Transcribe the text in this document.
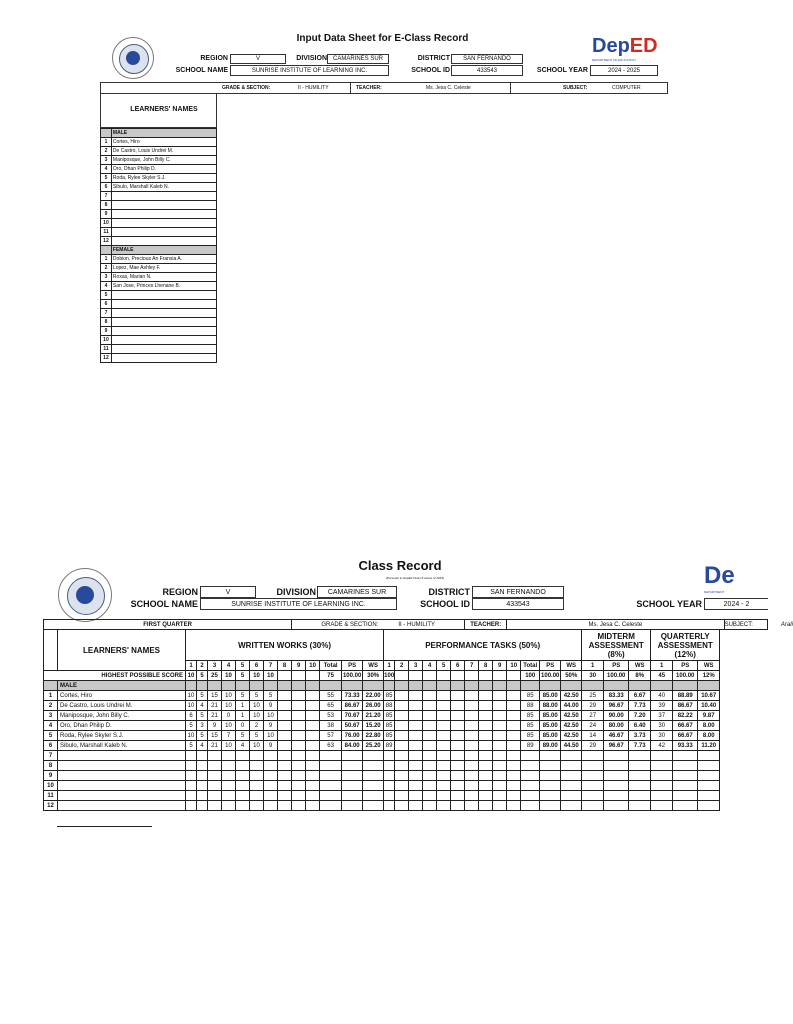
Input Data Sheet for E-Class Record	DepED
DEPARTMENT OF EDUCATION
REGION	V	DIVISION CAMARINES SUR	DISTRICT	SAN FERNANDO
SCHOOL NAME	SUNRISE INSTITUTE OF LEARNING INC.	SCHOOL ID	433543	SCHOOL YEAR	2024 - 2025
GRADE & SECTION:	II - HUMILITY	TEACHER:	Ms. Jesa C. Celeste	SUBJECT:	COMPUTER
LEARNERS' NAMES
	MALE
1	Cortes, Hiro
2	De Castro, Louis Undrei M.
3	Maniposque, John Billy C.
4	Oro, Dhan Philip D.
5	Roda, Rylee Skyler S.J.
6	Sibulo, Marshall Kaleb N.
7	
8	
9	
10	
11	
12	
	FEMALE
1	Dobion, Precious An Franxia A.
2	Lopez, Mae Ashley F.
3	Roxas, Marian N.
4	San Jose, Princes Lhenane B.
5	
6	
7	
8	
9	
10	
11	
12	
Class Record
(Pursuant to DepEd Order 8 series of 2015)	De
DEPARTMENT
REGION	V	DIVISION	CAMARINES SUR	DISTRICT	SAN FERNANDO
SCHOOL NAME	SUNRISE INSTITUTE OF LEARNING INC.	SCHOOL ID	433543	SCHOOL YEAR	2024 - 2
FIRST QUARTER										GRADE & SECTION: II - HUMILITY											TEACHER:			Ms. Jesa C. Celeste										SUBJECT: Arali
	LEARNERS' NAMES	WRITTEN WORKS (30%)													PERFORMANCE TASKS (50%)													MIDTERM ASSESSMENT (8%)			QUARTERLY ASSESSMENT (12%)			
		1	2	3	4	5	6	7	8	9	10	Total	PS	WS	1	2	3	4	5	6	7	8	9	10	Total	PS	WS	1	PS	WS	1	PS	WS	
HIGHEST POSSIBLE SCORE		10	5	25	10	5	10	10				75	100.00	30%	100										100	100.00	50%	30	100.00	8%	45	100.00	12%	
	MALE																																	
1	Cortes, Hiro	10	5	15	10	5	5	5				55	73.33	22.00	85										85	85.00	42.50	25	83.33	6.67	40	88.89	10.67	
2	De Castro, Louis Undrei M.	10	4	21	10	1	10	9				65	86.67	26.00	88										88	88.00	44.00	29	96.67	7.73	39	86.67	10.40	
3	Maniposque, John Billy C.	6	5	21	0	1	10	10				53	70.67	21.20	85										85	85.00	42.50	27	90.00	7.20	37	82.22	9.87	
4	Oro, Dhan Philip D.	5	3	9	10	0	2	9				38	50.67	15.20	85										85	85.00	42.50	24	80.00	6.40	30	66.67	8.00	
5	Roda, Rylee Skyler S.J.	10	5	15	7	5	5	10				57	76.00	22.80	85										85	85.00	42.50	14	46.67	3.73	30	66.67	8.00	
6	Sibulo, Marshall Kaleb N.	5	4	21	10	4	10	9				63	84.00	25.20	89										89	89.00	44.50	29	96.67	7.73	42	93.33	11.20	
7																																		
8																																		
9																																		
10																																		
11																																		
12																																		
